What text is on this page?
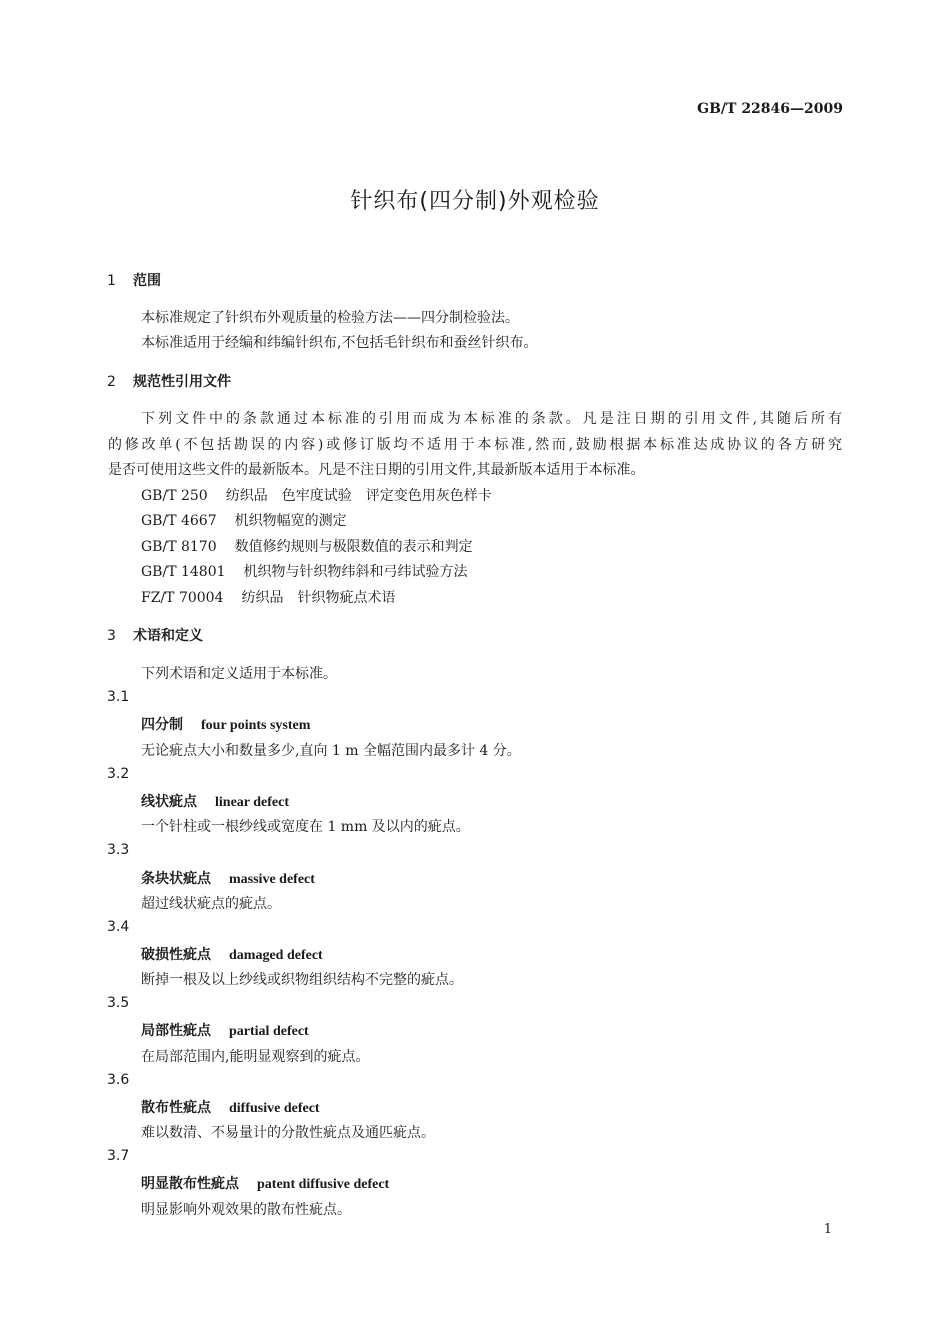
GB/T 22846—2009
针织布(四分制)外观检验
1 范围
本标准规定了针织布外观质量的检验方法——四分制检验法。
本标准适用于经编和纬编针织布,不包括毛针织布和蚕丝针织布。
2 规范性引用文件
下列文件中的条款通过本标准的引用而成为本标准的条款。凡是注日期的引用文件,其随后所有
的修改单(不包括勘误的内容)或修订版均不适用于本标准,然而,鼓励根据本标准达成协议的各方研究
是否可使用这些文件的最新版本。凡是不注日期的引用文件,其最新版本适用于本标准。
GB/T 250 纺织品　色牢度试验　评定变色用灰色样卡
GB/T 4667 机织物幅宽的测定
GB/T 8170 数值修约规则与极限数值的表示和判定
GB/T 14801 机织物与针织物纬斜和弓纬试验方法
FZ/T 70004 纺织品　针织物疵点术语
3 术语和定义
下列术语和定义适用于本标准。
3.1
四分制 four points system
无论疵点大小和数量多少,直向 1 m 全幅范围内最多计 4 分。
3.2
线状疵点 linear defect
一个针柱或一根纱线或宽度在 1 mm 及以内的疵点。
3.3
条块状疵点 massive defect
超过线状疵点的疵点。
3.4
破损性疵点 damaged defect
断掉一根及以上纱线或织物组织结构不完整的疵点。
3.5
局部性疵点 partial defect
在局部范围内,能明显观察到的疵点。
3.6
散布性疵点 diffusive defect
难以数清、不易量计的分散性疵点及通匹疵点。
3.7
明显散布性疵点 patent diffusive defect
明显影响外观效果的散布性疵点。
1
